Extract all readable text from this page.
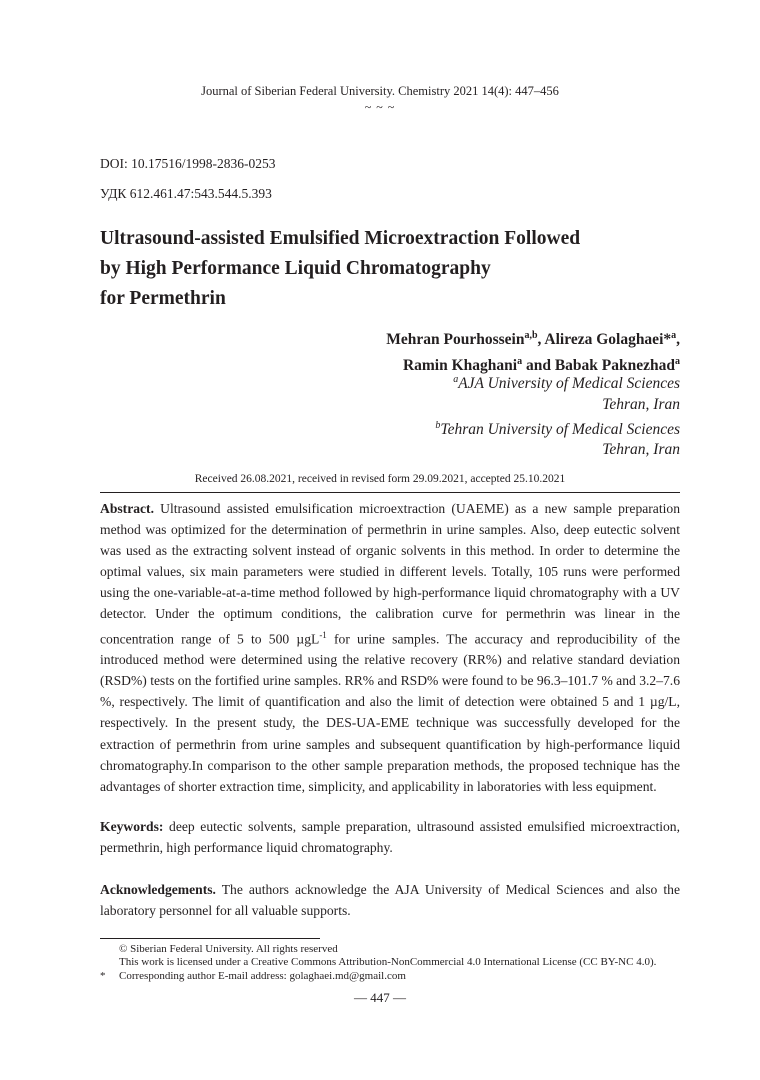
Journal of Siberian Federal University. Chemistry 2021 14(4): 447–456
~ ~ ~
DOI: 10.17516/1998-2836-0253
УДК 612.461.47:543.544.5.393
Ultrasound-assisted Emulsified Microextraction Followed
by High Performance Liquid Chromatography
for Permethrin
Mehran Pourhossein$^{a,b}$, Alireza Golaghaei*$^a$,
Ramin Khaghani$^a$ and Babak Paknezhad$^a$
$^a$AJA University of Medical Sciences
Tehran, Iran
$^b$Tehran University of Medical Sciences
Tehran, Iran
Received 26.08.2021, received in revised form 29.09.2021, accepted 25.10.2021
Abstract. Ultrasound assisted emulsification microextraction (UAEME) as a new sample preparation method was optimized for the determination of permethrin in urine samples. Also, deep eutectic solvent was used as the extracting solvent instead of organic solvents in this method. In order to determine the optimal values, six main parameters were studied in different levels. Totally, 105 runs were performed using the one-variable-at-a-time method followed by high-performance liquid chromatography with a UV detector. Under the optimum conditions, the calibration curve for permethrin was linear in the concentration range of 5 to 500 µgL$^{-1}$ for urine samples. The accuracy and reproducibility of the introduced method were determined using the relative recovery (RR%) and relative standard deviation (RSD%) tests on the fortified urine samples. RR% and RSD% were found to be 96.3–101.7 % and 3.2–7.6 %, respectively. The limit of quantification and also the limit of detection were obtained 5 and 1 µg/L, respectively. In the present study, the DES-UA-EME technique was successfully developed for the extraction of permethrin from urine samples and subsequent quantification by high-performance liquid chromatography.In comparison to the other sample preparation methods, the proposed technique has the advantages of shorter extraction time, simplicity, and applicability in laboratories with less equipment.
Keywords: deep eutectic solvents, sample preparation, ultrasound assisted emulsified microextraction, permethrin, high performance liquid chromatography.
Acknowledgements. The authors acknowledge the AJA University of Medical Sciences and also the laboratory personnel for all valuable supports.
© Siberian Federal University. All rights reserved
This work is licensed under a Creative Commons Attribution-NonCommercial 4.0 International License (CC BY-NC 4.0).
* Corresponding author E-mail address: golaghaei.md@gmail.com
— 447 —
